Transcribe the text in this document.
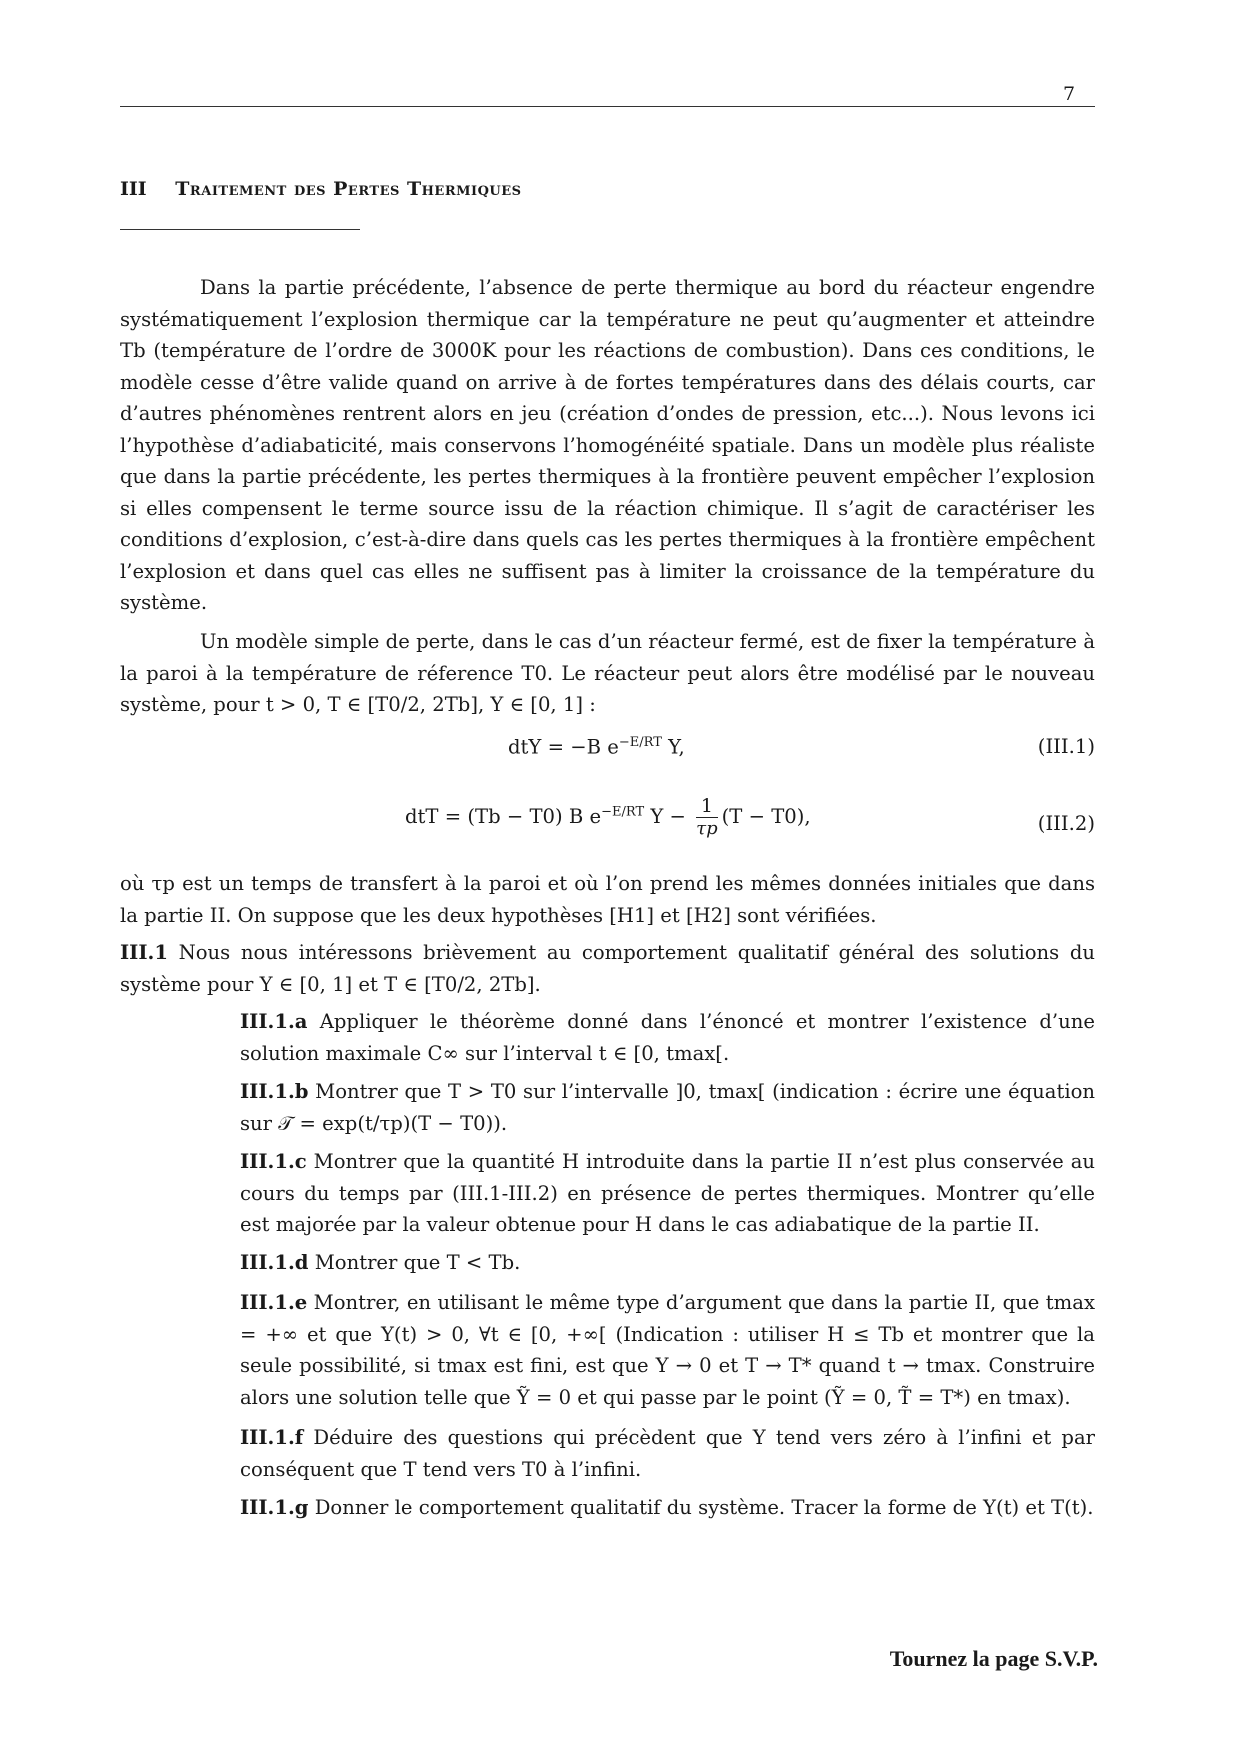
7
III Traitement des Pertes Thermiques
Dans la partie précédente, l’absence de perte thermique au bord du réacteur engendre systématiquement l’explosion thermique car la température ne peut qu’augmenter et atteindre Tb (température de l’ordre de 3000K pour les réactions de combustion). Dans ces conditions, le modèle cesse d’être valide quand on arrive à de fortes températures dans des délais courts, car d’autres phénomènes rentrent alors en jeu (création d’ondes de pression, etc...). Nous levons ici l’hypothèse d’adiabaticité, mais conservons l’homogénéité spatiale. Dans un modèle plus réaliste que dans la partie précédente, les pertes thermiques à la frontière peuvent empêcher l’explosion si elles compensent le terme source issu de la réaction chimique. Il s’agit de caractériser les conditions d’explosion, c’est-à-dire dans quels cas les pertes thermiques à la frontière empêchent l’explosion et dans quel cas elles ne suffisent pas à limiter la croissance de la température du système.
Un modèle simple de perte, dans le cas d’un réacteur fermé, est de fixer la température à la paroi à la température de réference T0. Le réacteur peut alors être modélisé par le nouveau système, pour t > 0, T ∈ [T0/2, 2Tb], Y ∈ [0, 1] :
dtY = −B $e^{-E/RT}$ Y,	(III.1)
dtT = (Tb − T0) B $e^{-E/RT}$ $Y - \frac{1}{\tau p} (T - T0)$,	(III.2)
où τp est un temps de transfert à la paroi et où l’on prend les mêmes données initiales que dans la partie II. On suppose que les deux hypothèses [H1] et [H2] sont vérifiées.
III.1 Nous nous intéressons brièvement au comportement qualitatif général des solutions du système pour Y ∈ [0, 1] et T ∈ [T0/2, 2Tb].
III.1.a Appliquer le théorème donné dans l’énoncé et montrer l’existence d’une solution maximale C∞ sur l’interval t ∈ [0, tmax[.
III.1.b Montrer que T > T0 sur l’intervalle ]0, tmax[ (indication : écrire une équation sur 𝒯 = exp(t/τp)(T − T0)).
III.1.c Montrer que la quantité H introduite dans la partie II n’est plus conservée au cours du temps par (III.1-III.2) en présence de pertes thermiques. Montrer qu’elle est majorée par la valeur obtenue pour H dans le cas adiabatique de la partie II.
III.1.d Montrer que T < Tb.
III.1.e Montrer, en utilisant le même type d’argument que dans la partie II, que tmax = +∞ et que Y(t) > 0, ∀t ∈ [0, +∞[ (Indication : utiliser H ≤ Tb et montrer que la seule possibilité, si tmax est fini, est que Y → 0 et T → T* quand t → tmax. Construire alors une solution telle que Ỹ = 0 et qui passe par le point (Ỹ = 0, T̃ = T*) en tmax).
III.1.f Déduire des questions qui précèdent que Y tend vers zéro à l’infini et par conséquent que T tend vers T0 à l’infini.
III.1.g Donner le comportement qualitatif du système. Tracer la forme de Y(t) et T(t).
Tournez la page S.V.P.
